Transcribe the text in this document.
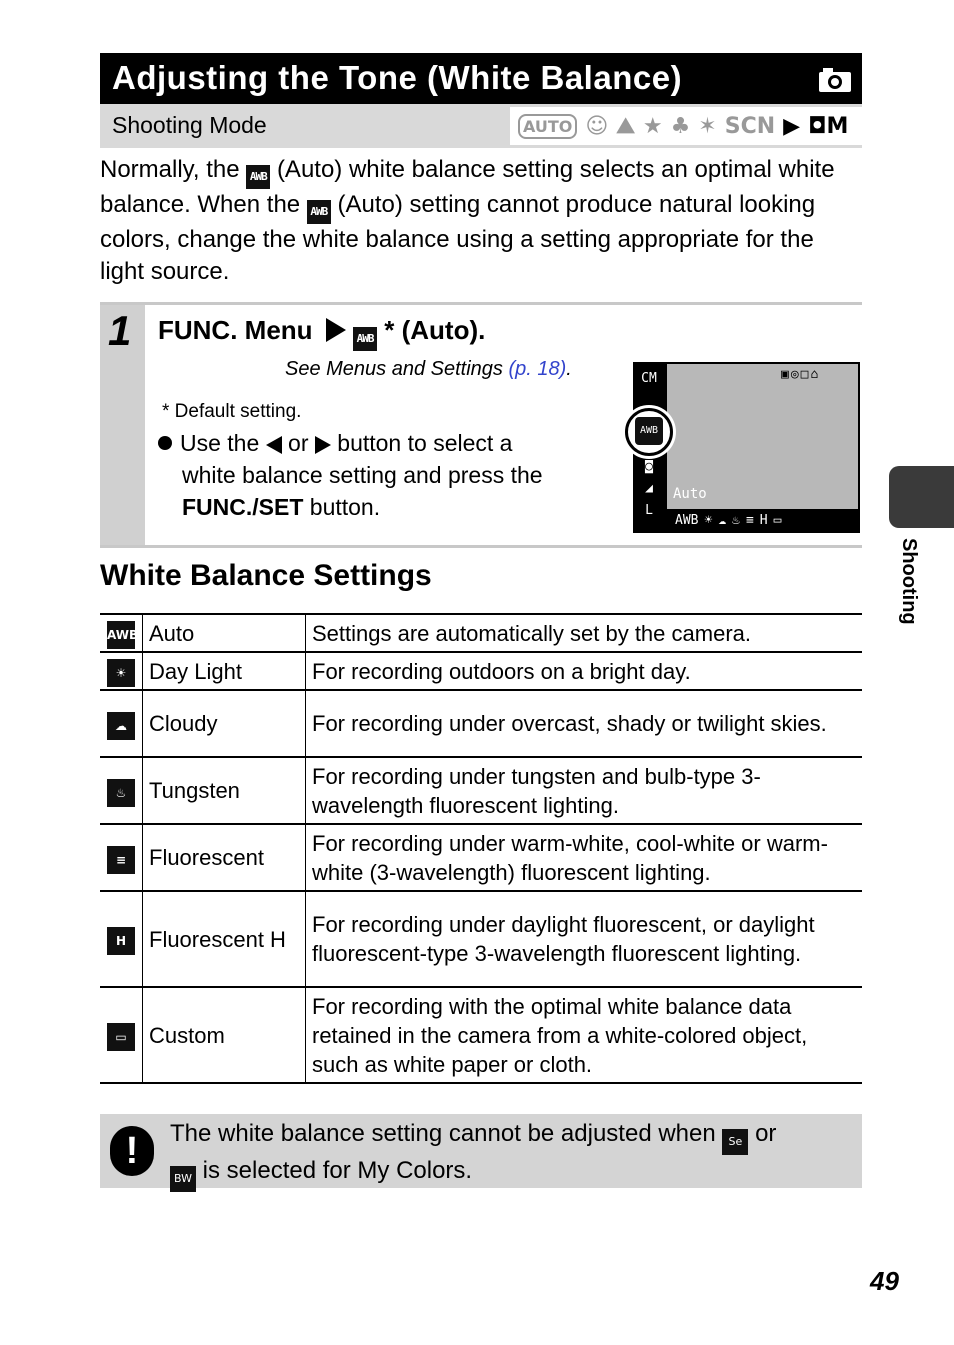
Adjusting the Tone (White Balance)
Shooting Mode	AUTO ☺ ⛰ ★ ♣ ✶ SCN ▶ ◘M
Normally, the AWB (Auto) white balance setting selects an optimal white balance. When the AWB (Auto) setting cannot produce natural looking colors, change the white balance using a setting appropriate for the light source.
1 FUNC. Menu	AWB * (Auto).
See Menus and Settings (p. 18).
* Default setting.
Use the or button to select a
white balance setting and press the
FUNC./SET button.
CM

◙
◢
L
▣◎□⌂
AWB
Auto
AWB ☀ ☁ ♨ ≡ H ▭
White Balance Settings
AWB	Auto	Settings are automatically set by the camera.
☀	Day Light	For recording outdoors on a bright day.
☁	Cloudy	For recording under overcast, shady or twilight skies.
♨	Tungsten	For recording under tungsten and bulb-type 3-wavelength fluorescent lighting.
≡	Fluorescent	For recording under warm-white, cool-white or warm-white (3-wavelength) fluorescent lighting.
H	Fluorescent H	For recording under daylight fluorescent, or daylight fluorescent-type 3-wavelength fluorescent lighting.
▭	Custom	For recording with the optimal white balance data retained in the camera from a white-colored object, such as white paper or cloth.
!	The white balance setting cannot be adjusted when Se or
BW is selected for My Colors.
Shooting
49
